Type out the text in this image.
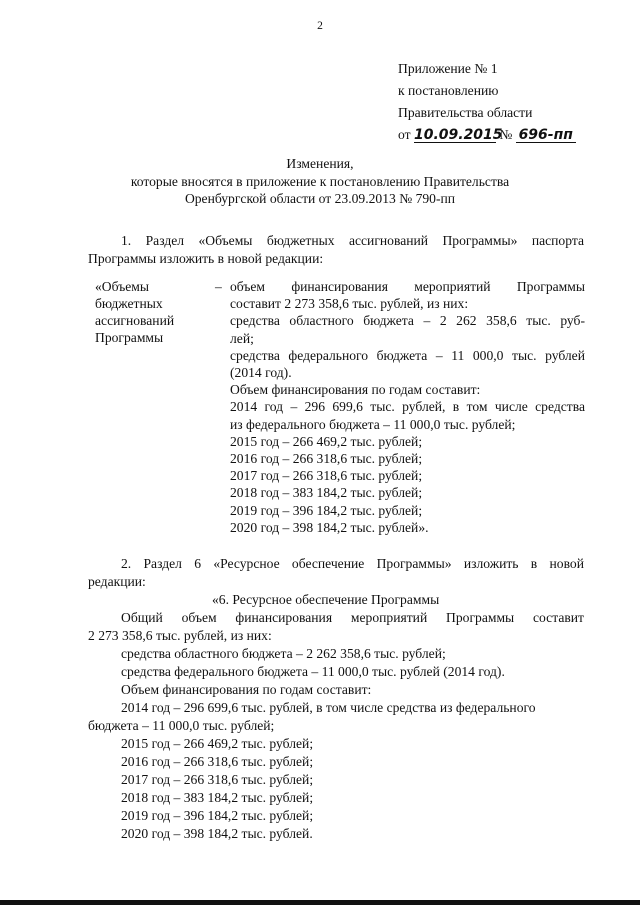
2
Приложение № 1
к постановлению
Правительства области
от 10.09.2015 № 696-пп
Изменения,
которые вносятся в приложение к постановлению Правительства
Оренбургской области от 23.09.2013 № 790-пп
1. Раздел «Объемы бюджетных ассигнований Программы» паспорта
Программы изложить в новой редакции:
«Объемы
бюджетных
ассигнований
Программы
– объем финансирования мероприятий Программы
составит 2 273 358,6 тыс. рублей, из них:
средства областного бюджета – 2 262 358,6 тыс. руб-
лей;
средства федерального бюджета – 11 000,0 тыс. рублей
(2014 год).
Объем финансирования по годам составит:
2014 год – 296 699,6 тыс. рублей, в том числе средства
из федерального бюджета – 11 000,0 тыс. рублей;
2015 год – 266 469,2 тыс. рублей;
2016 год – 266 318,6 тыс. рублей;
2017 год – 266 318,6 тыс. рублей;
2018 год – 383 184,2 тыс. рублей;
2019 год – 396 184,2 тыс. рублей;
2020 год – 398 184,2 тыс. рублей».
2. Раздел 6 «Ресурсное обеспечение Программы» изложить в новой
редакции:
«6. Ресурсное обеспечение Программы
Общий объем финансирования мероприятий Программы составит
2 273 358,6 тыс. рублей, из них:
средства областного бюджета – 2 262 358,6 тыс. рублей;
средства федерального бюджета – 11 000,0 тыс. рублей (2014 год).
Объем финансирования по годам составит:
2014 год – 296 699,6 тыс. рублей, в том числе средства из федерального
бюджета – 11 000,0 тыс. рублей;
2015 год – 266 469,2 тыс. рублей;
2016 год – 266 318,6 тыс. рублей;
2017 год – 266 318,6 тыс. рублей;
2018 год – 383 184,2 тыс. рублей;
2019 год – 396 184,2 тыс. рублей;
2020 год – 398 184,2 тыс. рублей.
